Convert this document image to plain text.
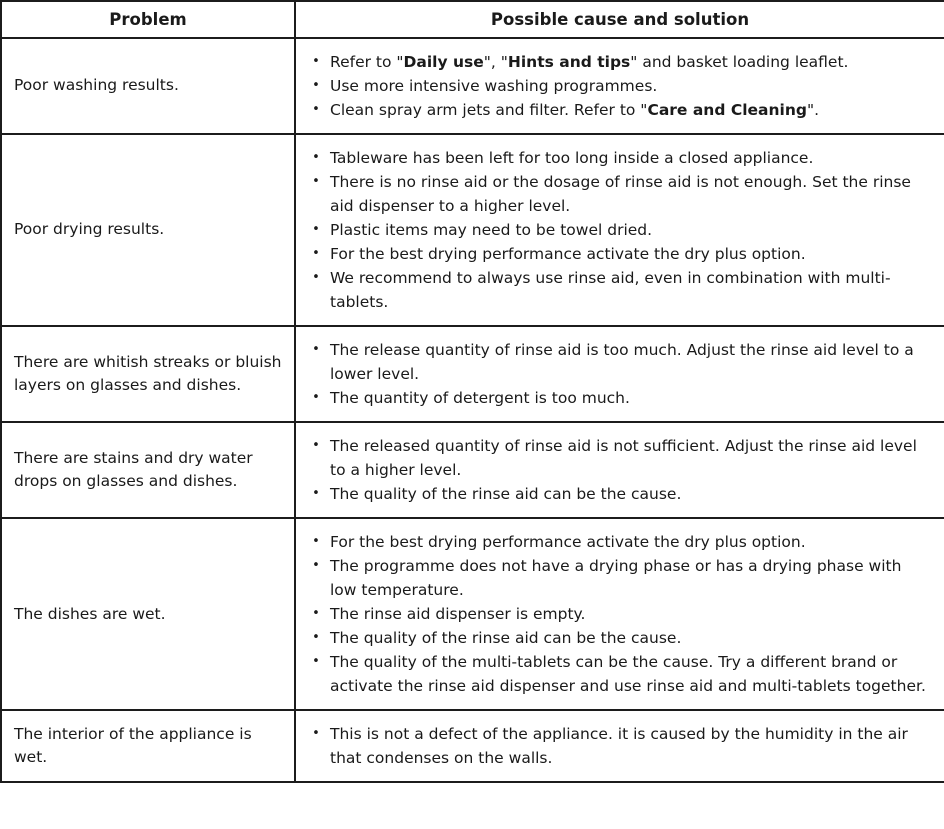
Problem	Possible cause and solution
Poor washing results.	
• Refer to "Daily use", "Hints and tips" and basket loading leaflet.
• Use more intensive washing programmes.
• Clean spray arm jets and filter. Refer to "Care and Cleaning".

Poor drying results.	
• Tableware has been left for too long inside a closed appliance.
• There is no rinse aid or the dosage of rinse aid is not enough. Set the rinse aid dispenser to a higher level.
• Plastic items may need to be towel dried.
• For the best drying performance activate the dry plus option.
• We recommend to always use rinse aid, even in combination with multi-tablets.

There are whitish streaks or bluish layers on glasses and dishes.	
• The release quantity of rinse aid is too much. Adjust the rinse aid level to a lower level.
• The quantity of detergent is too much.

There are stains and dry water drops on glasses and dishes.	
• The released quantity of rinse aid is not sufficient. Adjust the rinse aid level to a higher level.
• The quality of the rinse aid can be the cause.

The dishes are wet.	
• For the best drying performance activate the dry plus option.
• The programme does not have a drying phase or has a drying phase with low temperature.
• The rinse aid dispenser is empty.
• The quality of the rinse aid can be the cause.
• The quality of the multi-tablets can be the cause. Try a different brand or activate the rinse aid dispenser and use rinse aid and multi-tablets together.

The interior of the appliance is wet.	
• This is not a defect of the appliance. it is caused by the humidity in the air that condenses on the walls.
